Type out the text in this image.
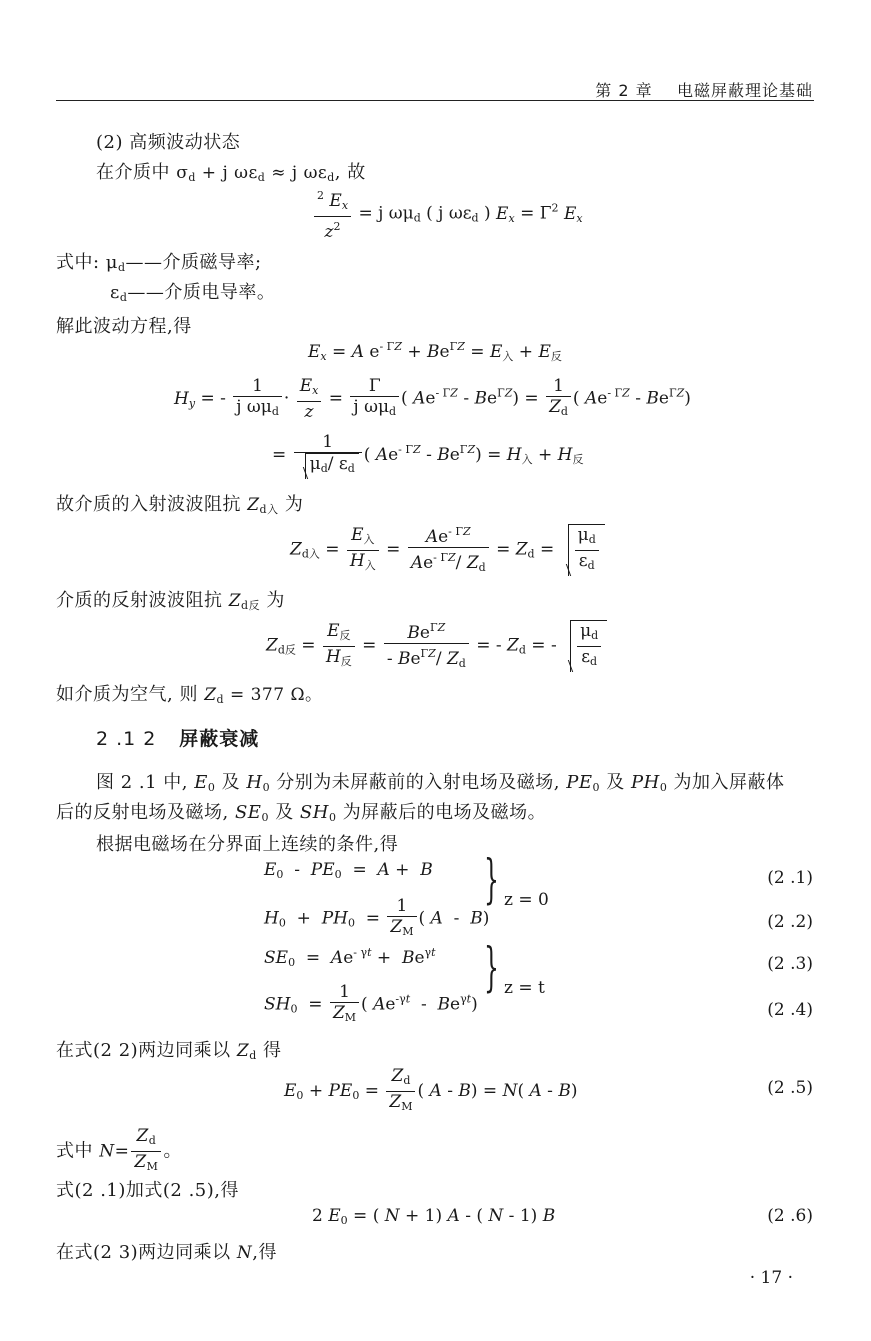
第 2 章 电磁屏蔽理论基础
(2) 高频波动状态
在介质中 $\sigma_d + j$ $\omega\varepsilon_d \approx j$ $\omega\varepsilon_d$, 故
$\frac{^2 E_x}{z^2} = j$ $\omega\mu_d$ ( j $\omega\varepsilon_d$ ) $E_x = \Gamma^2$ $E_x$
式中: $\mu_d——$介质磁导率;
$\varepsilon_d——$介质电导率。
解此波动方程,得
$E_x = A$ $e^{- \Gamma Z} + Be^{\Gamma Z} = E_入 + E_反$
$H_y$ = - $\frac{1}{j \omega\mu_d} \cdot \frac{E_x}{z} = \frac{\Gamma}{j \omega\mu_d}$ ( $Ae^{- \Gamma Z} - Be^{\Gamma Z}) = \frac{1}{Z_d}$ ( $Ae^{- \Gamma Z} - Be^{\Gamma Z}$)
= $\frac{1}{\mu_d/ \varepsilon_d}$ ( $Ae^{- \Gamma Z} - Be^{\Gamma Z}) = H_入 + H_反$
故介质的入射波波阻抗 $Z_{d入}$ 为
$Z_{d入} = \frac{E_入}{H_入} = \frac{Ae^{- \Gamma Z}}{Ae^{- \Gamma Z}/ Z_d} = Z_d = \frac{\mu_d}{\varepsilon_d}$
介质的反射波波阻抗 $Z_{d反}$ 为
$Z_{d反} = \frac{E_反}{H_反} = \frac{Be^{\Gamma Z}}{- Be^{\Gamma Z}/ Z_d}$ = - $Z_d$ = - $\frac{\mu_d}{\varepsilon_d}$
如介质为空气, 则 $Z_d = 377$ Ω。
2 .1 2 屏蔽衰减
图 2 .1 中, $E_0$ 及 $H_0$ 分别为未屏蔽前的入射电场及磁场, $PE_0$ 及 $PH_0$ 为加入屏蔽体
后的反射电场及磁场, $SE_0$ 及 $SH_0$ 为屏蔽后的电场及磁场。
根据电磁场在分界面上连续的条件,得
$E_0 - PE_0 = A + B$
$H_0 + PH_0 = \frac{1}{Z_M}$ ( A  -  B)
} z = 0
(2 .1)
(2 .2)
$SE_0 = Ae^{- \gamma t} + Be^{\gamma t}$
$SH_0 = \frac{1}{Z_M}$ ( $Ae^{-\gamma t} - Be^{\gamma t}$)
} z = t
(2 .3)
(2 .4)
在式(2 2)两边同乘以 $Z_d$ 得
$E_0 + PE_0 = \frac{Z_d}{Z_M}$ ( A - B) = N( A - B)	(2 .5)
式中 $N= \frac{Z_d}{Z_M}$ 。
式(2 .1)加式(2 .5),得
2 $E_0$ = ( N + 1) A - ( N - 1) B	(2 .6)
在式(2 3)两边同乘以 N,得
· 17 ·
